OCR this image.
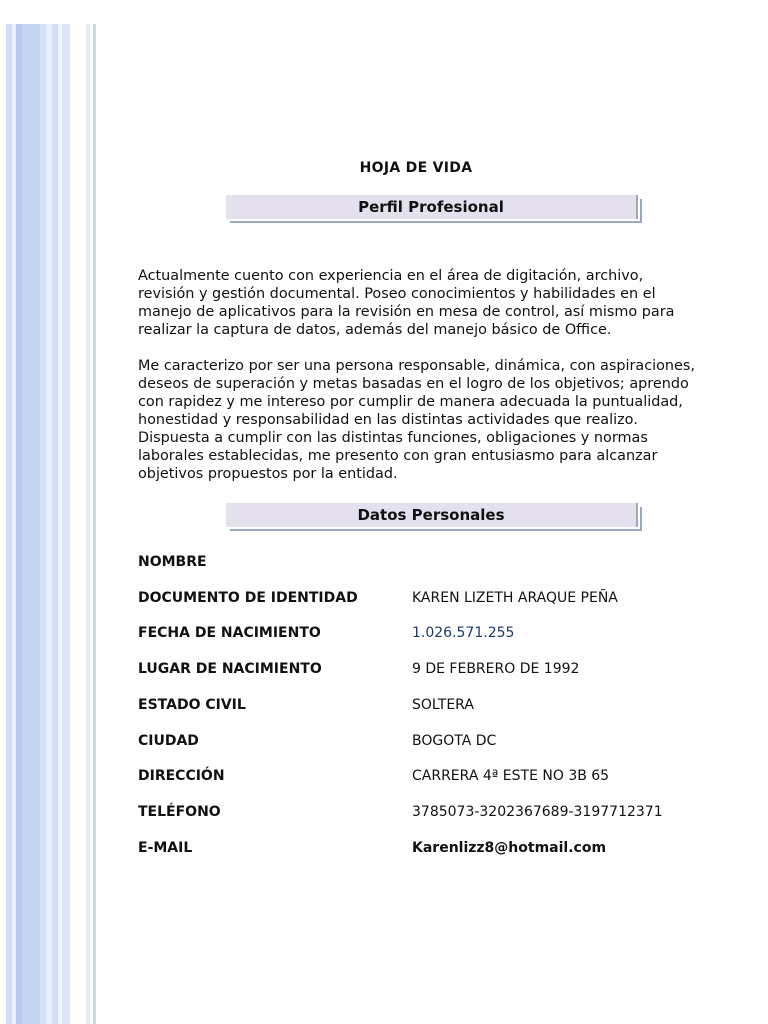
HOJA DE VIDA
Perfil Profesional

Actualmente cuento con experiencia en el área de digitación, archivo, revisión y gestión documental. Poseo conocimientos y habilidades en el manejo de aplicativos para la revisión en mesa de control, así mismo para realizar la captura de datos, además del manejo básico de Office.

Me caracterizo por ser una persona responsable, dinámica, con aspiraciones, deseos de superación y metas basadas en el logro de los objetivos; aprendo con rapidez y me intereso por cumplir de manera adecuada la puntualidad, honestidad y responsabilidad en las distintas actividades que realizo. Dispuesta a cumplir con las distintas funciones, obligaciones y normas laborales establecidas, me presento con gran entusiasmo para alcanzar objetivos propuestos por la entidad.

Datos Personales
NOMBRE
DOCUMENTO DE IDENTIDAD	KAREN LIZETH ARAQUE PEÑA
FECHA DE NACIMIENTO	1.026.571.255
LUGAR DE NACIMIENTO	9 DE FEBRERO DE 1992
ESTADO CIVIL	SOLTERA
CIUDAD	BOGOTA DC
DIRECCIÓN	CARRERA 4ª ESTE NO 3B 65
TELÉFONO	3785073-3202367689-3197712371
E-MAIL	Karenlizz8@hotmail.com
